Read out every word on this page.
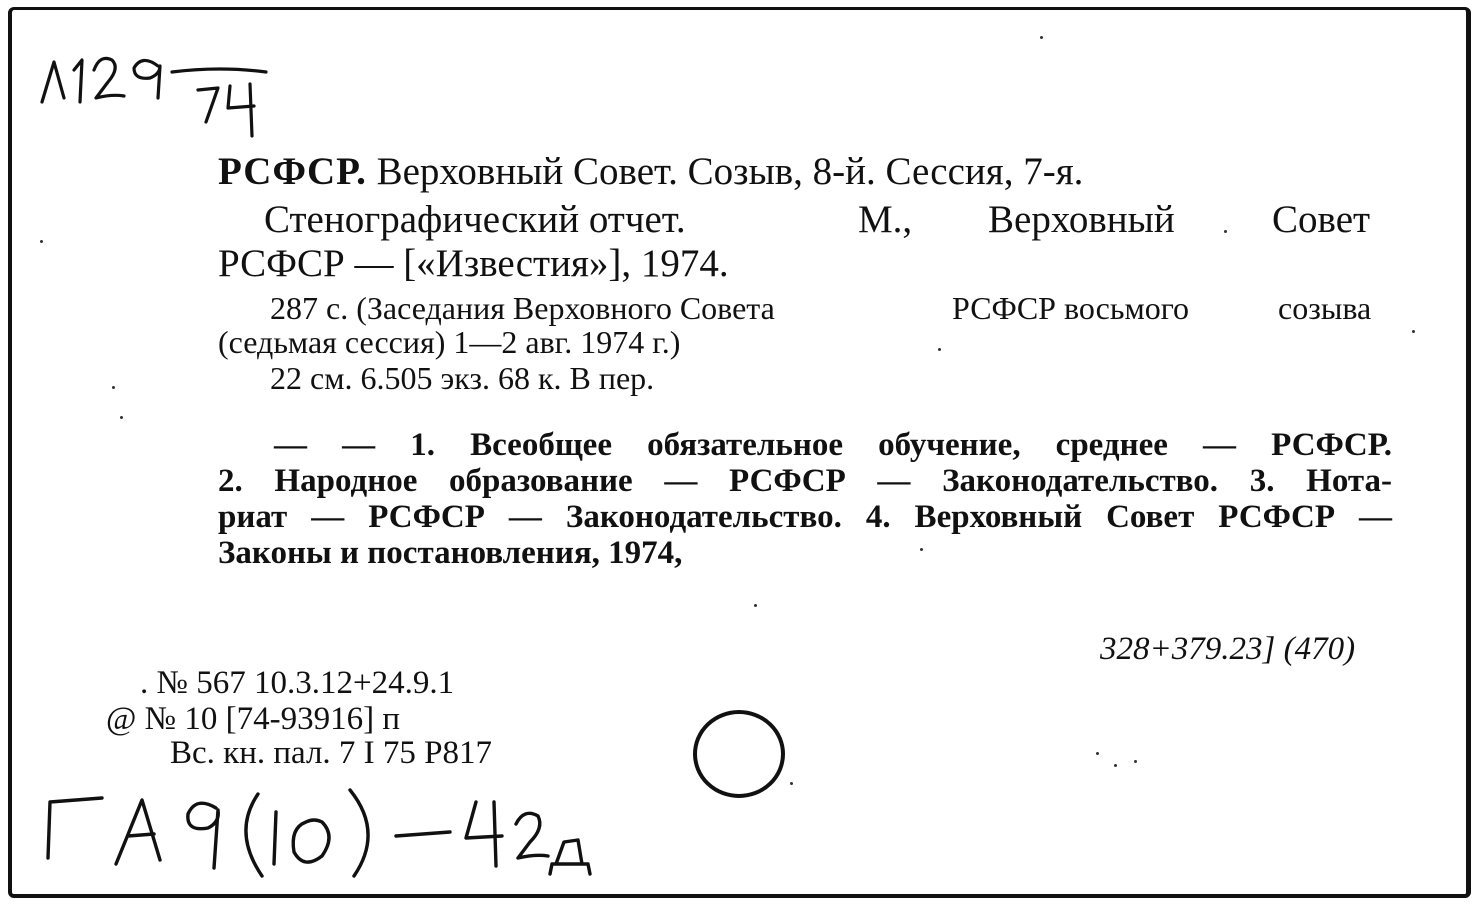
РСФСР. Верховный Совет. Созыв, 8-й. Сессия, 7-я.
Стенографический отчет.	М., Верховный Совет
РСФСР — [«Известия»], 1974.
287 с. (Заседания Верховного Совета	РСФСР восьмого	созыва
(седьмая сессия) 1—2 авг. 1974 г.)
22 см. 6.505 экз. 68 к. В пер.
— — 1. Всеобщее обязательное обучение, среднее — РСФСР.
2. Народное образование — РСФСР — Законодательство. 3. Нота-
риат — РСФСР — Законодательство. 4. Верховный Совет РСФСР —
Законы и постановления, 1974,
328+379.23] (470)
. № 567 10.3.12+24.9.1
@ № 10 [74-93916] п
Вс. кн. пал. 7 I 75 Р817
